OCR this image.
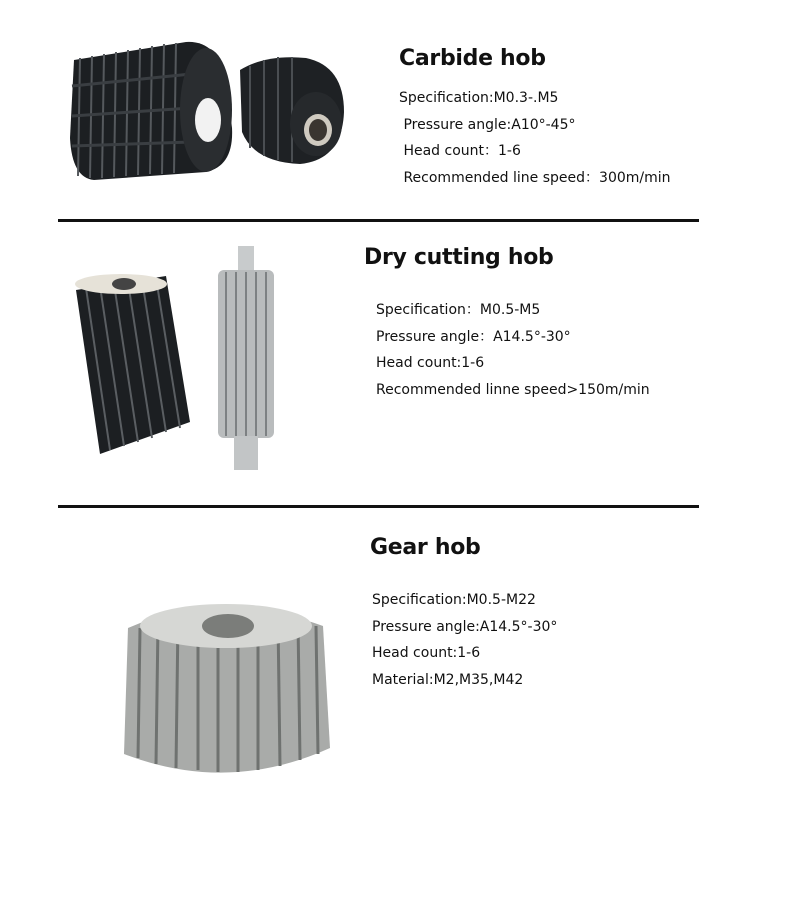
Carbide hob
Specification:M0.3-.M5
Pressure angle:A10°-45°
Head count：1-6
Recommended line speed：300m/min
Dry cutting hob
Specification：M0.5-M5
Pressure angle：A14.5°-30°
Head count:1-6
Recommended linne speed>150m/min
Gear hob
Specification:M0.5-M22
Pressure angle:A14.5°-30°
Head count:1-6
Material:M2,M35,M42
